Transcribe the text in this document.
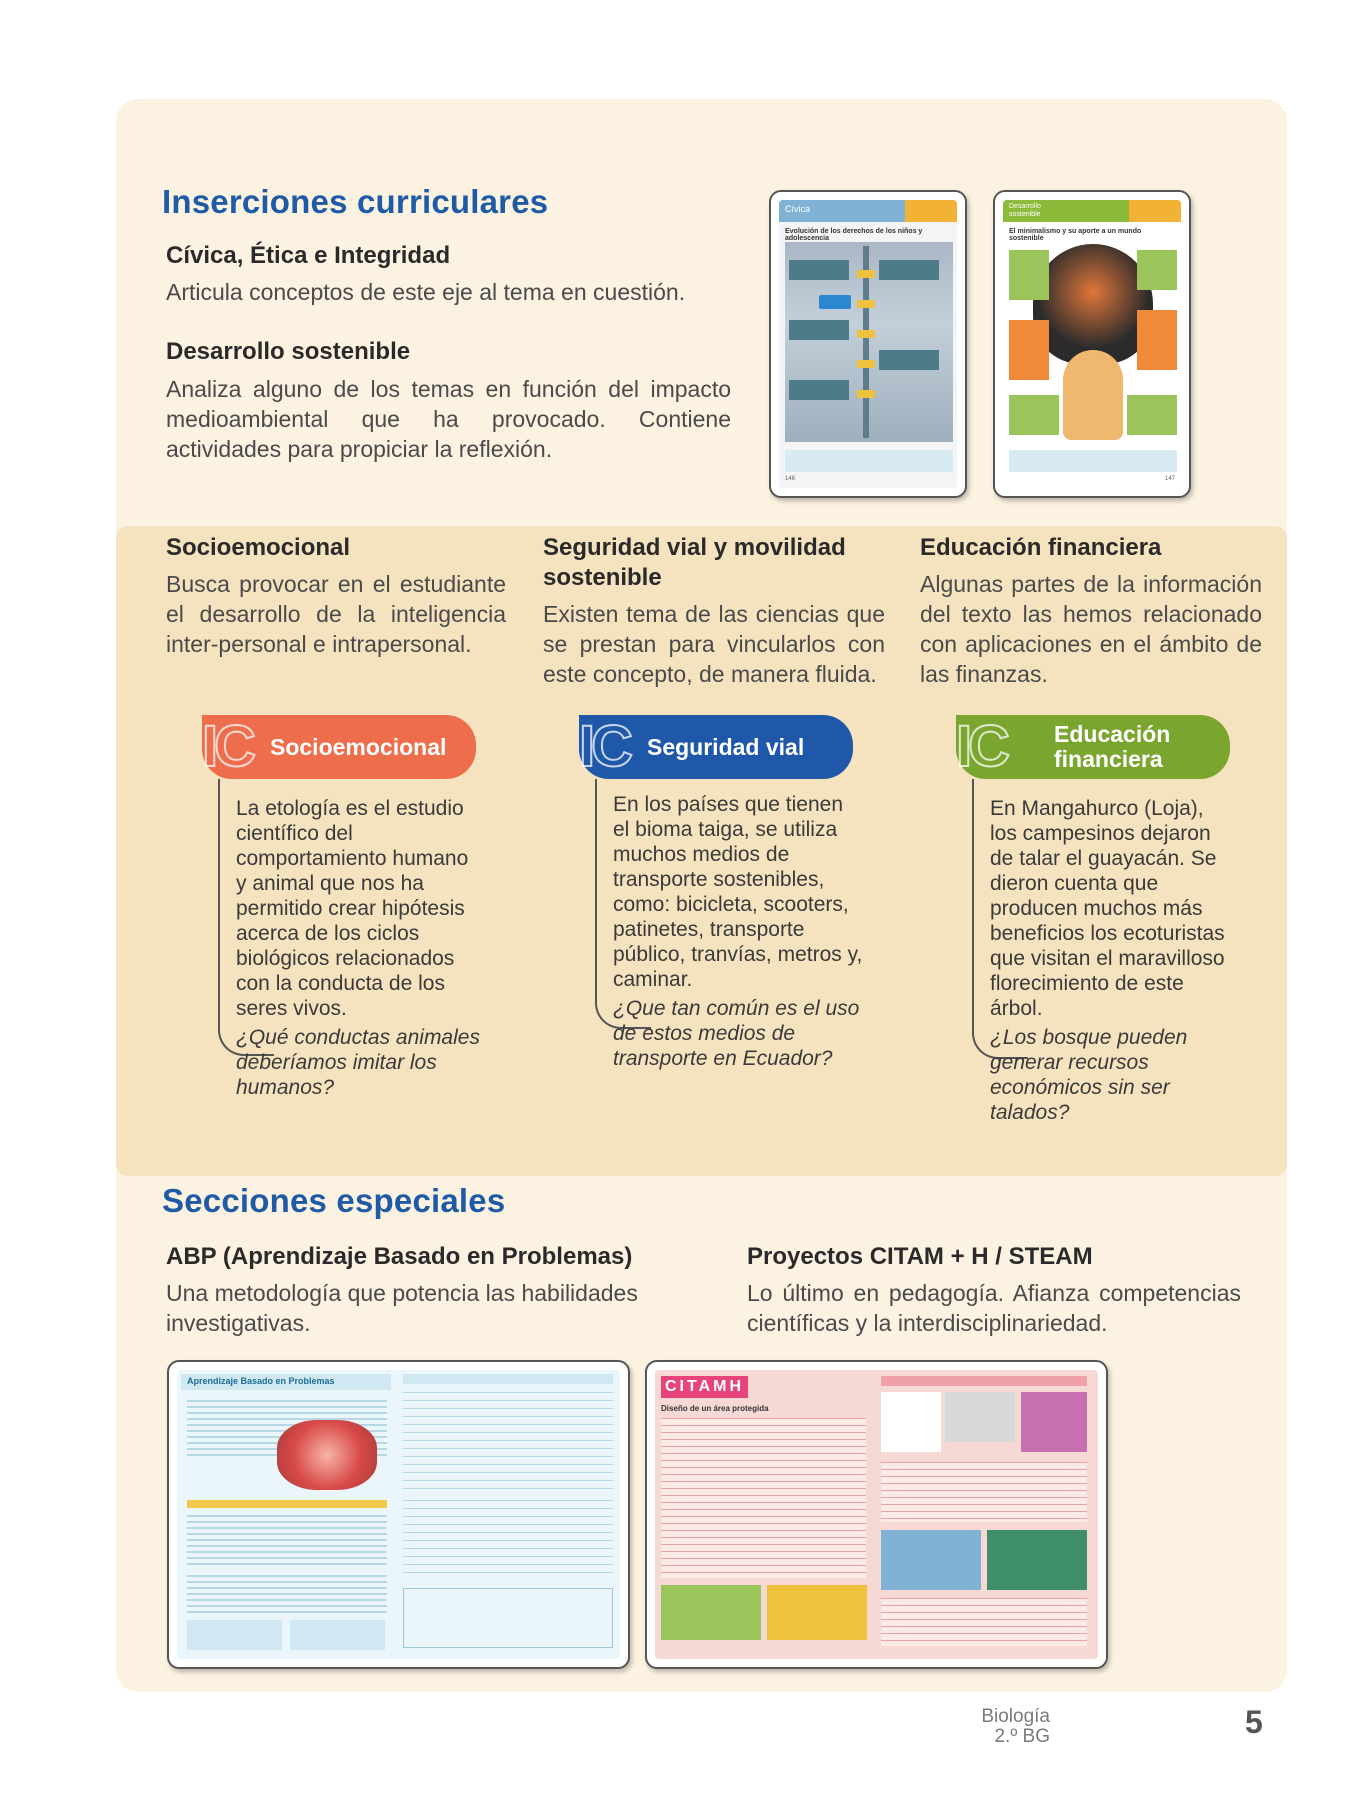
Inserciones curriculares
Cívica, Ética e Integridad
Articula conceptos de este eje al tema en cuestión.
Desarrollo sostenible
Analiza alguno de los temas en función del impacto medioambiental que ha provocado. Contiene actividades para propiciar la reflexión.
Cívica
Evolución de los derechos de los niños y adolescencia
146
Desarrollo sostenible
El minimalismo y su aporte a un mundo sostenible
147
Socioemocional
Busca provocar en el estudiante el desarrollo de la inteligencia inter-personal e intrapersonal.
Seguridad vial y movilidad sostenible
Existen tema de las ciencias que se prestan para vincularlos con este concepto, de manera fluida.
Educación financiera
Algunas partes de la información del texto las hemos relacionado con aplicaciones en el ámbito de las finanzas.
IC Socioemocional
La etología es el estudio científico del comportamiento humano y animal que nos ha permitido crear hipótesis acerca de los ciclos biológicos relacionados con la conducta de los seres vivos.
¿Qué conductas animales deberíamos imitar los humanos?
IC Seguridad vial
En los países que tienen el bioma taiga, se utiliza muchos medios de transporte sostenibles, como: bicicleta, scooters, patinetes, transporte público, tranvías, metros y, caminar.
¿Que tan común es el uso de estos medios de transporte en Ecuador?
IC Educación financiera
En Mangahurco (Loja), los campesinos dejaron de talar el guayacán. Se dieron cuenta que producen muchos más beneficios los ecoturistas que visitan el maravilloso florecimiento de este árbol.
¿Los bosque pueden generar recursos económicos sin ser talados?
Secciones especiales
ABP (Aprendizaje Basado en Problemas)
Una metodología que potencia las habilidades investigativas.
Proyectos CITAM + H / STEAM
Lo último en pedagogía. Afianza competencias científicas y la interdisciplinariedad.
Aprendizaje Basado en Problemas	CITAMH
Diseño de un área protegida
Biología
2.º BG	5
